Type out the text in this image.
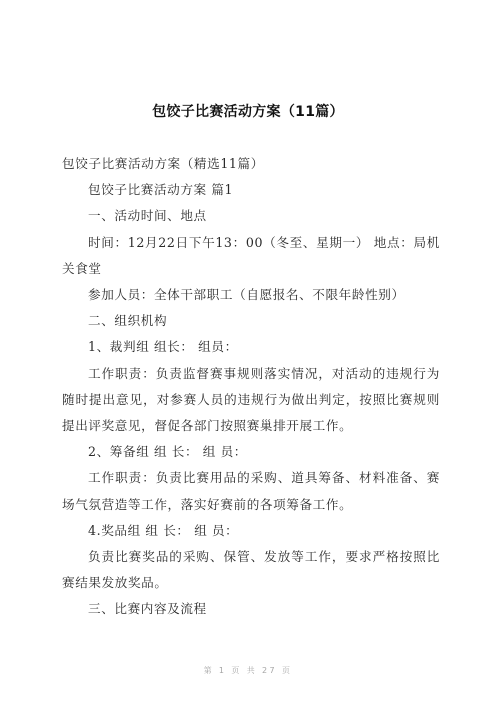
包饺子比赛活动方案（11篇）

包饺子比赛活动方案（精选11篇）

包饺子比赛活动方案 篇1

一、活动时间、地点

时间：12月22日下午13：00（冬至、星期一） 地点：局机关食堂

参加人员：全体干部职工（自愿报名、不限年龄性别）

二、组织机构

1、裁判组 组长： 组员：

工作职责：负责监督赛事规则落实情况，对活动的违规行为随时提出意见，对参赛人员的违规行为做出判定，按照比赛规则提出评奖意见，督促各部门按照赛巢排开展工作。

2、筹备组 组 长： 组 员：

工作职责：负责比赛用品的采购、道具筹备、材料准备、赛场气氛营造等工作，落实好赛前的各项筹备工作。

4.奖品组 组 长： 组 员：

负责比赛奖品的采购、保管、发放等工作，要求严格按照比赛结果发放奖品。

三、比赛内容及流程

第 1 页 共 27 页
